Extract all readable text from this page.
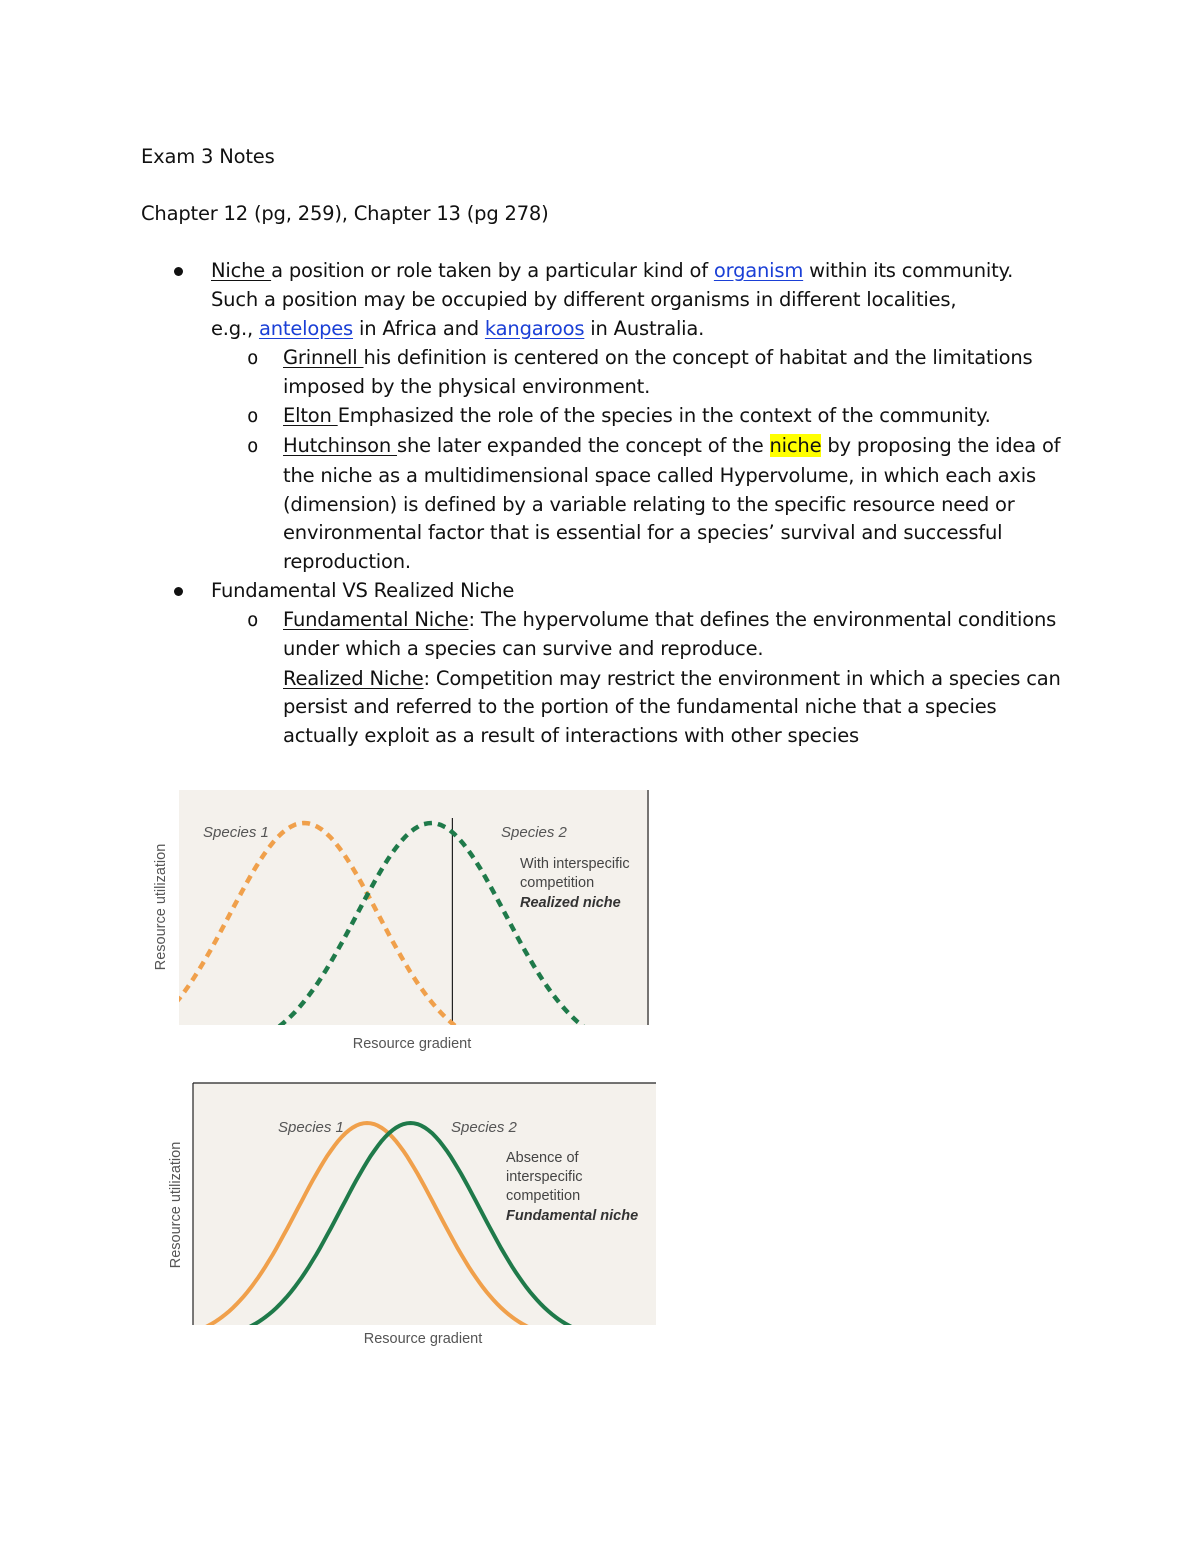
Exam 3 Notes
Chapter 12 (pg, 259), Chapter 13 (pg 278)
Niche a position or role taken by a particular kind of organism within its community.
Such a position may be occupied by different organisms in different localities,
e.g., antelopes in Africa and kangaroos in Australia.
o Grinnell his definition is centered on the concept of habitat and the limitations
imposed by the physical environment.
o Elton Emphasized the role of the species in the context of the community.
o Hutchinson she later expanded the concept of the niche by proposing the idea of
the niche as a multidimensional space called Hypervolume, in which each axis
(dimension) is defined by a variable relating to the specific resource need or
environmental factor that is essential for a species’ survival and successful
reproduction.
Fundamental VS Realized Niche
o Fundamental Niche: The hypervolume that defines the environmental conditions
under which a species can survive and reproduce.
Realized Niche: Competition may restrict the environment in which a species can
persist and referred to the portion of the fundamental niche that a species
actually exploit as a result of interactions with other species
Species 1	Species 2
With interspecific
competition
Realized niche
Resource gradient
Resource utilization
Species 1	Species 2
Absence of
interspecific
competition
Fundamental niche
Resource gradient
Resource utilization
